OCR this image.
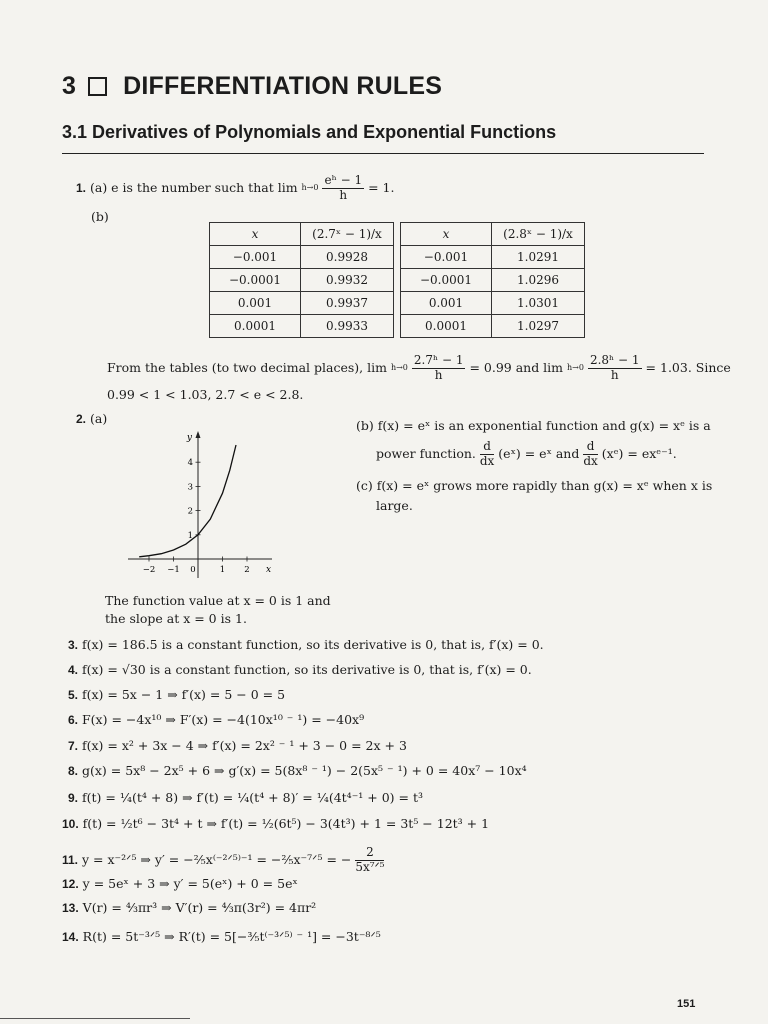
3 DIFFERENTIATION RULES
3.1 Derivatives of Polynomials and Exponential Functions
1. (a) e is the number such that lim h→0
$\frac{\text{eʰ − 1}}{h} = 1$.
(b)
x	(2.7ˣ − 1)/x
−0.001	0.9928
−0.0001	0.9932
0.001	0.9937
0.0001	0.9933
x	(2.8ˣ − 1)/x
−0.001	1.0291
−0.0001	1.0296
0.001	1.0301
0.0001	1.0297
From the tables (to two decimal places), lim h→0
$\frac{\text{2.7ʰ − 1}}{h} = 0.99$ and lim h→0
$\frac{\text{2.8ʰ − 1}}{h} = 1.03$. Since
0.99 < 1 < 1.03, 2.7 < e < 2.8.
2. (a)
y
x
−2 −1 0	1 2
1
2
3
4
The function value at x = 0 is 1 and
the slope at x = 0 is 1.
(b) f(x) = eˣ is an exponential function and g(x) = xᵉ is a
power function. $\frac{d}{dx}$ (eˣ) = eˣ and $\frac{d}{dx}$ (xᵉ) = exᵉ⁻¹.
(c) f(x) = eˣ grows more rapidly than g(x) = xᵉ when x is
large.
3. f(x) = 186.5 is a constant function, so its derivative is 0, that is, f′(x) = 0.
4. f(x) = √30 is a constant function, so its derivative is 0, that is, f′(x) = 0.
5. f(x) = 5x − 1 ⇒ f′(x) = 5 − 0 = 5
6. F(x) = −4x¹⁰ ⇒ F′(x) = −4(10x¹⁰ ⁻ ¹) = −40x⁹
7. f(x) = x² + 3x − 4 ⇒ f′(x) = 2x² ⁻ ¹ + 3 − 0 = 2x + 3
8. g(x) = 5x⁸ − 2x⁵ + 6 ⇒ g′(x) = 5(8x⁸ ⁻ ¹) − 2(5x⁵ ⁻ ¹) + 0 = 40x⁷ − 10x⁴
9. f(t) = ¼(t⁴ + 8) ⇒ f′(t) = ¼(t⁴ + 8)′ = ¼(4t⁴⁻¹ + 0) = t³
10. f(t) = ½t⁶ − 3t⁴ + t ⇒ f′(t) = ½(6t⁵) − 3(4t³) + 1 = 3t⁵ − 12t³ + 1
11. y = x⁻²ᐟ⁵ ⇒ y′ = −⅖x⁽⁻²ᐟ⁵⁾⁻¹ = −⅖x⁻⁷ᐟ⁵ = − $\frac{2}{\text{5x⁷ᐟ⁵}}$
12. y = 5eˣ + 3 ⇒ y′ = 5(eˣ) + 0 = 5eˣ
13. V(r) = ⁴⁄₃πr³ ⇒ V′(r) = ⁴⁄₃π(3r²) = 4πr²
14. R(t) = 5t⁻³ᐟ⁵ ⇒ R′(t) = 5[−⅗t⁽⁻³ᐟ⁵⁾ ⁻ ¹] = −3t⁻⁸ᐟ⁵
151
